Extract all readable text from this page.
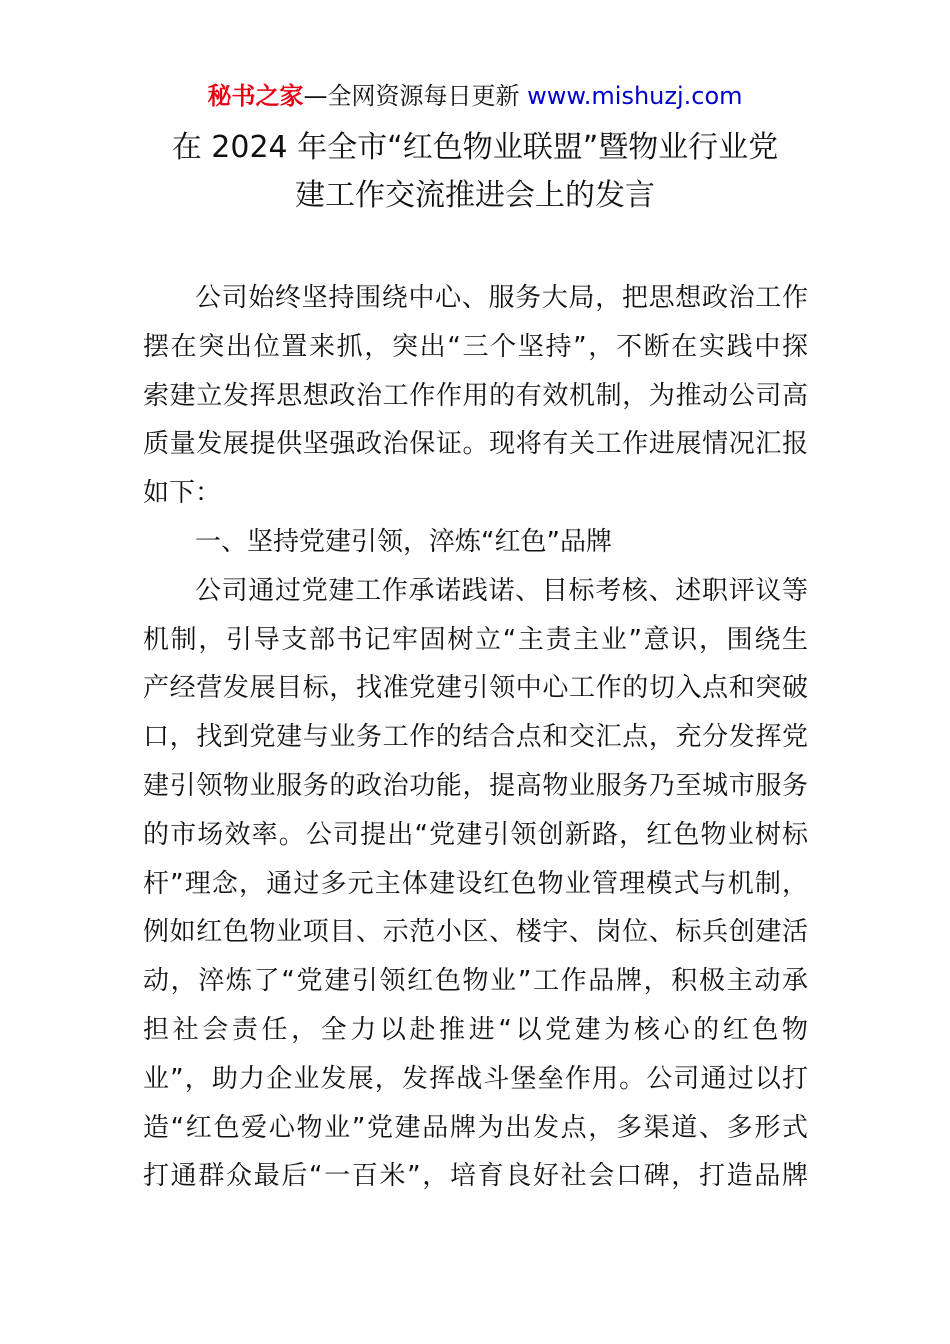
秘书之家—全网资源每日更新 www.mishuzj.com
在 2024 年全市“红色物业联盟”暨物业行业党
建工作交流推进会上的发言

公司始终坚持围绕中心、服务大局，把思想政治工作
摆在突出位置来抓，突出“三个坚持”，不断在实践中探
索建立发挥思想政治工作作用的有效机制，为推动公司高
质量发展提供坚强政治保证。现将有关工作进展情况汇报
如下：

一、坚持党建引领，淬炼“红色”品牌

公司通过党建工作承诺践诺、目标考核、述职评议等
机制，引导支部书记牢固树立“主责主业”意识，围绕生
产经营发展目标，找准党建引领中心工作的切入点和突破
口，找到党建与业务工作的结合点和交汇点，充分发挥党
建引领物业服务的政治功能，提高物业服务乃至城市服务
的市场效率。公司提出“党建引领创新路，红色物业树标
杆”理念，通过多元主体建设红色物业管理模式与机制，
例如红色物业项目、示范小区、楼宇、岗位、标兵创建活
动，淬炼了“党建引领红色物业”工作品牌，积极主动承
担社会责任，全力以赴推进“以党建为核心的红色物
业”，助力企业发展，发挥战斗堡垒作用。公司通过以打
造“红色爱心物业”党建品牌为出发点，多渠道、多形式
打通群众最后“一百米”，培育良好社会口碑，打造品牌
